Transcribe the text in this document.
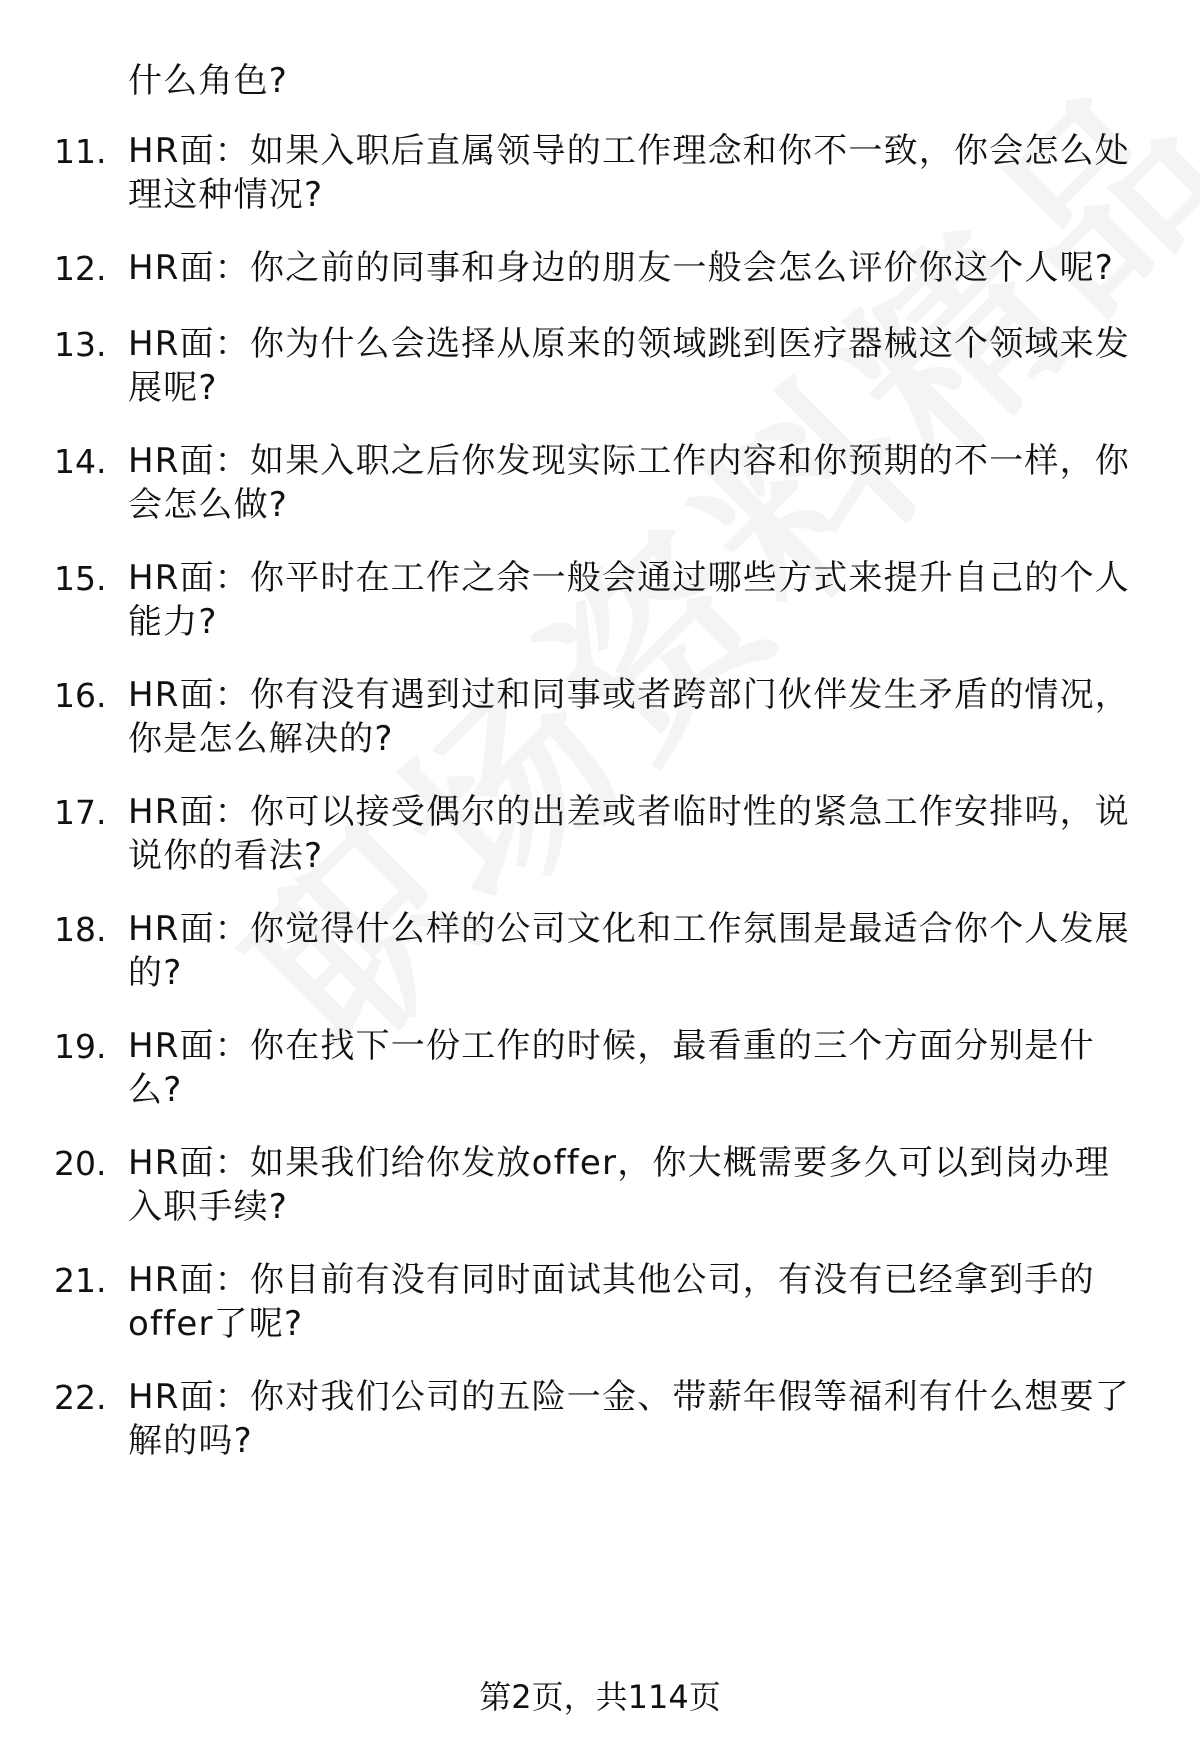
什么角色?
11. HR面：如果入职后直属领导的工作理念和你不一致，你会怎么处
理这种情况?
12. HR面：你之前的同事和身边的朋友一般会怎么评价你这个人呢?
13. HR面：你为什么会选择从原来的领域跳到医疗器械这个领域来发
展呢?
14. HR面：如果入职之后你发现实际工作内容和你预期的不一样，你
会怎么做?
15. HR面：你平时在工作之余一般会通过哪些方式来提升自己的个人
能力?
16. HR面：你有没有遇到过和同事或者跨部门伙伴发生矛盾的情况，
你是怎么解决的?
17. HR面：你可以接受偶尔的出差或者临时性的紧急工作安排吗，说
说你的看法?
18. HR面：你觉得什么样的公司文化和工作氛围是最适合你个人发展
的?
19. HR面：你在找下一份工作的时候，最看重的三个方面分别是什
么?
20. HR面：如果我们给你发放offer，你大概需要多久可以到岗办理
入职手续?
21. HR面：你目前有没有同时面试其他公司，有没有已经拿到手的
offer了呢?
22. HR面：你对我们公司的五险一金、带薪年假等福利有什么想要了
解的吗?
第2页，共114页
